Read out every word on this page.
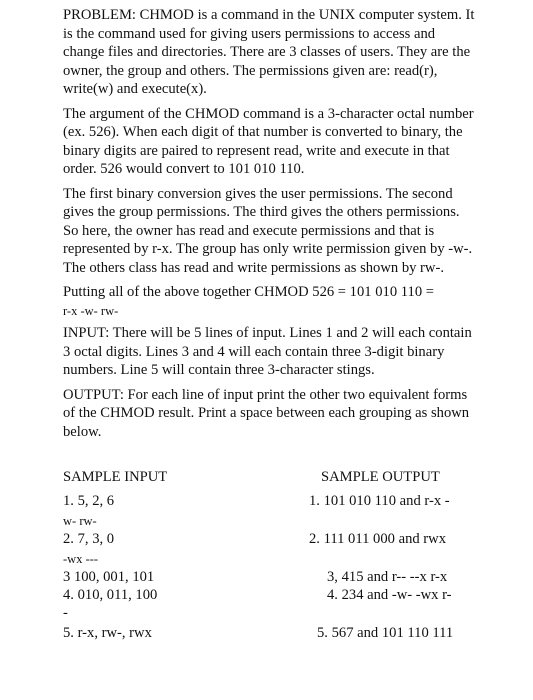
PROBLEM: CHMOD is a command in the UNIX computer system. It is the command used for giving users permissions to access and change files and directories. There are 3 classes of users. They are the owner, the group and others. The permissions given are: read(r), write(w) and execute(x).

The argument of the CHMOD command is a 3-character octal number (ex. 526). When each digit of that number is converted to binary, the binary digits are paired to represent read, write and execute in that order. 526 would convert to 101 010 110.

The first binary conversion gives the user permissions. The second gives the group permissions. The third gives the others permissions. So here, the owner has read and execute permissions and that is represented by r-x. The group has only write permission given by -w-. The others class has read and write permissions as shown by rw-.

Putting all of the above together CHMOD 526 = 101 010 110 =

r-x -w- rw-

INPUT: There will be 5 lines of input. Lines 1 and 2 will each contain 3 octal digits. Lines 3 and 4 will each contain three 3-digit binary numbers. Line 5 will contain three 3-character stings.

OUTPUT: For each line of input print the other two equivalent forms of the CHMOD result. Print a space between each grouping as shown below.

SAMPLE INPUT	SAMPLE OUTPUT
1. 5, 2, 6
w- rw-
2. 7, 3, 0
-wx ---
3 100, 001, 101
4. 010, 011, 100
-
5. r-x, rw-, rwx
1. 101 010 110 and r-x -
2. 111 011 000 and rwx
3, 415 and r-- --x r-x
4. 234 and -w- -wx r-
5. 567 and 101 110 111
